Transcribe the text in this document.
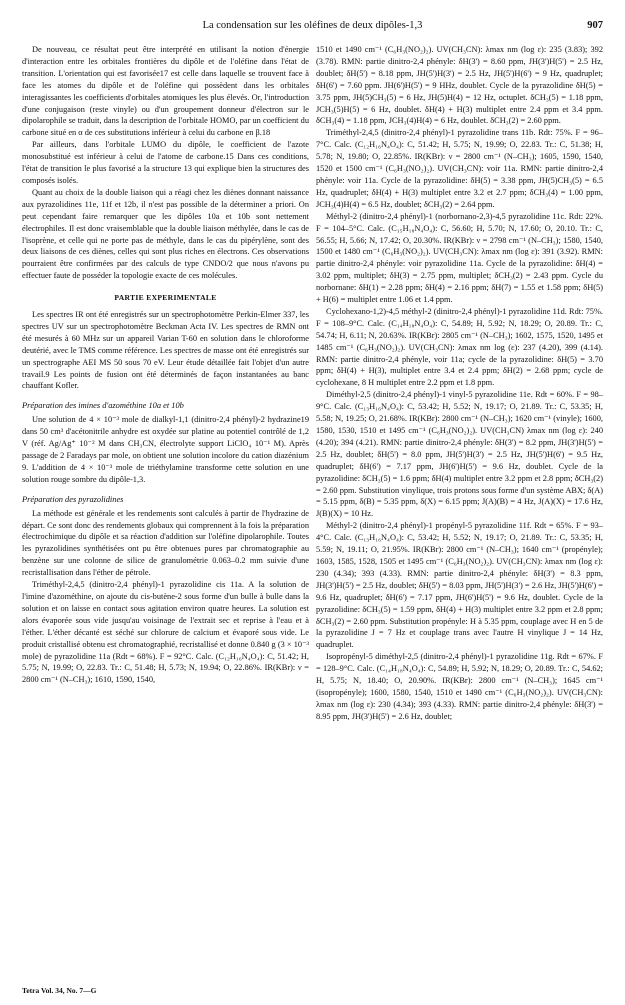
La condensation sur les oléfines de deux dipôles-1,3	907

De nouveau, ce résultat peut être interprété en utilisant la notion d'énergie d'interaction entre les orbitales frontières du dipôle et de l'oléfine dans l'état de transition. L'orientation qui est favorisée17 est celle dans laquelle se trouvent face à face les atomes du dipôle et de l'oléfine qui possèdent dans les orbitales interagissantes les coefficients d'orbitales atomiques les plus élevés. Or, l'introduction d'une conjugaison (reste vinyle) ou d'un groupement donneur d'électron sur le dipolarophile se traduit, dans la description de l'orbitale HOMO, par un coefficient du carbone situé en α de ces substitutions inférieur à celui du carbone en β.18

Par ailleurs, dans l'orbitale LUMO du dipôle, le coefficient de l'azote monosubstitué est inférieur à celui de l'atome de carbone.15 Dans ces conditions, l'état de transition le plus favorisé a la structure 13 qui explique bien la structures des composés isolés.

Quant au choix de la double liaison qui a réagi chez les diènes donnant naissance aux pyrazolidines 11e, 11f et 12b, il n'est pas possible de la déterminer a priori. On peut cependant faire remarquer que les dipôles 10a et 10b sont nettement électrophiles. Il est donc vraisemblable que la double liaison méthylée, dans le cas de l'isoprène, et celle qui ne porte pas de méthyle, dans le cas du pipérylène, sont des deux liaisons de ces diènes, celles qui sont plus riches en électrons. Ces observations pourraient être confirmées par des calculs de type CNDO/2 que nous n'avons pu effectuer faute de posséder la topologie exacte de ces molécules.

PARTIE EXPERIMENTALE

Les spectres IR ont été enregistrés sur un spectrophotomètre Perkin-Elmer 337, les spectres UV sur un spectrophotomètre Beckman Acta IV. Les spectres de RMN ont été mesurés à 60 MHz sur un appareil Varian T-60 en solution dans le chloroforme deutérié, avec le TMS comme référence. Les spectres de masse ont été enregistrés sur un spectrographe AEI MS 50 sous 70 eV. Leur étude détaillée fait l'objet d'un autre travail.9 Les points de fusion ont été déterminés de façon instantanées au banc chauffant Kofler.

Préparation des imines d'azométhine 10a et 10b

Une solution de 4 × 10⁻³ mole de dialkyl-1,1 (dinitro-2,4 phényl)-2 hydrazine19 dans 50 cm³ d'acétonitrile anhydre est oxydée sur platine au potentiel contrôlé de 1,2 V (réf. Ag/Ag⁺ 10⁻² M dans CH₃CN, électrolyte support LiClO₄ 10⁻¹ M). Après passage de 2 Faradays par mole, on obtient une solution incolore du cation diazénium 9. L'addition de 4 × 10⁻³ mole de triéthylamine transforme cette solution en une solution rouge sombre du dipôle-1,3.

Préparation des pyrazolidines

La méthode est générale et les rendements sont calculés à partir de l'hydrazine de départ. Ce sont donc des rendements globaux qui comprennent à la fois la préparation électrochimique du dipôle et sa réaction d'addition sur l'oléfine dipolarophile. Toutes les pyrazolidines synthétisées ont pu être obtenues pures par chromatographie au benzène sur une colonne de silice de granulométrie 0.063–0.2 mm suivie d'une recristallisation dans l'éther de pétrole.

Triméthyl-2,4,5 (dinitro-2,4 phényl)-1 pyrazolidine cis 11a. A la solution de l'imine d'azométhine, on ajoute du cis-butène-2 sous forme d'un bulle à bulle dans la solution et on laisse en contact sous agitation environ quatre heures. La solution est alors évaporée sous vide jusqu'au voisinage de l'extrait sec et reprise à l'eau et à l'éther. L'éther décanté est séché sur chlorure de calcium et évaporé sous vide. Le produit cristallisé obtenu est chromatographié, recristallisé et donne 0.840 g (3 × 10⁻³ mole) de pyrazolidine 11a (Rdt = 68%). F = 92°C. Calc. (C₁₂H₁₆N₄O₄): C, 51.42; H, 5.75; N, 19.99; O, 22.83. Tr.: C, 51.48; H, 5.73; N, 19.94; O, 22.86%. IR(KBr): ν = 2800 cm⁻¹ (N–CH₃); 1610, 1590, 1540,

1510 et 1490 cm⁻¹ (C₆H₃(NO₂)₂). UV(CH₃CN): λmax nm (log ε): 235 (3.83); 392 (3.78). RMN: partie dinitro-2,4 phényle: δH(3') = 8.60 ppm, JH(3')H(5') = 2.5 Hz, doublet; δH(5') = 8.18 ppm, JH(5')H(3') = 2.5 Hz, JH(5')H(6') = 9 Hz, quadruplet; δH(6') = 7.60 ppm. JH(6')H(5') = 9 HHz, doublet. Cycle de la pyrazolidine δH(5) = 3.75 ppm, JH(5)CH₃(5) = 6 Hz, JH(5)H(4) = 12 Hz, octuplet. δCH₃(5) = 1.18 ppm, JCH₃(5)H(5) = 6 Hz, doublet. δH(4) + H(3) multiplet entre 2.4 ppm et 3.4 ppm. δCH₃(4) = 1.18 ppm, JCH₃(4)H(4) = 6 Hz, doublet. δCH₃(2) = 2.60 ppm.

Triméthyl-2,4,5 (dinitro-2,4 phényl)-1 pyrazolidine trans 11b. Rdt: 75%. F = 96–7°C. Calc. (C₁₂H₁₆N₄O₄): C, 51.42; H, 5.75; N, 19.99; O, 22.83. Tr.: C, 51.38; H, 5.78; N, 19.80; O, 22.85%. IR(KBr): ν = 2800 cm⁻¹ (N–CH₃); 1605, 1590, 1540, 1520 et 1500 cm⁻¹ (C₆H₃(NO₂)₂). UV(CH₃CN): voir 11a. RMN: partie dinitro-2,4 phényle: voir 11a. Cycle de la pyrazolidine: δH(5) = 3.38 ppm, JH(5)CH₃(5) = 6.5 Hz, quadruplet; δH(4) + H(3) multiplet entre 3.2 et 2.7 ppm; δCH₃(4) = 1.00 ppm, JCH₃(4)H(4) = 6.5 Hz, doublet; δCH₃(2) = 2.64 ppm.

Méthyl-2 (dinitro-2,4 phényl)-1 (norbornano-2,3)-4,5 pyrazolidine 11c. Rdt: 22%. F = 104–5°C. Calc. (C₁₅H₁₈N₄O₄): C, 56.60; H, 5.70; N, 17.60; O, 20.10. Tr.: C, 56.55; H, 5.66; N, 17.42; O, 20.30%. IR(KBr): ν = 2798 cm⁻¹ (N–CH₃); 1580, 1540, 1500 et 1480 cm⁻¹ (C₆H₃(NO₂)₂). UV(CH₃CN): λmax nm (log ε): 391 (3.92). RMN: partie dinitro-2,4 phényle: voir pyrazolidine 11a. Cycle de la pyrazolidine: δH(4) = 3.02 ppm, multiplet; δH(3) = 2.75 ppm, multiplet; δCH₃(2) = 2.43 ppm. Cycle du norbornane: δH(1) = 2.28 ppm; δH(4) = 2.16 ppm; δH(7) = 1.55 et 1.58 ppm; δH(5) + H(6) = multiplet entre 1.06 et 1.4 ppm.

Cyclohexano-1,2)-4,5 méthyl-2 (dinitro-2,4 phényl)-1 pyrazolidine 11d. Rdt: 75%. F = 108–9°C. Calc. (C₁₄H₁₈N₄O₄): C, 54.89; H, 5.92; N, 18.29; O, 20.89. Tr.: C, 54.74; H, 6.11; N, 20.63%. IR(KBr): 2805 cm⁻¹ (N–CH₃); 1602, 1575, 1520, 1495 et 1485 cm⁻¹ (C₆H₃(NO₂)₂). UV(CH₃CN): λmax nm log (ε): 237 (4.20), 399 (4.14). RMN: partie dinitro-2,4 phényle, voir 11a; cycle de la pyrazolidine: δH(5) = 3.70 ppm; δH(4) + H(3), multiplet entre 3.4 et 2.4 ppm; δH(2) = 2.68 ppm; cycle de cyclohexane, 8 H multiplet entre 2.2 ppm et 1.8 ppm.

Diméthyl-2,5 (dinitro-2,4 phényl)-1 vinyl-5 pyrazolidine 11e. Rdt = 60%. F = 98–9°C. Calc. (C₁₃H₁₆N₄O₄): C, 53.42; H, 5.52; N, 19.17; O, 21.89. Tr.: C, 53.35; H, 5.58; N, 19.25; O, 21.68%. IR(KBr): 2800 cm⁻¹ (N–CH₃); 1620 cm⁻¹ (vinyle); 1600, 1580, 1530, 1510 et 1495 cm⁻¹ (C₆H₃(NO₂)₂). UV(CH₃CN) λmax nm (log ε): 240 (4.20); 394 (4.21). RMN: partie dinitro-2,4 phényle: δH(3') = 8.2 ppm, JH(3')H(5') = 2.5 Hz, doublet; δH(5') = 8.0 ppm, JH(5')H(3') = 2.5 Hz, JH(5')H(6') = 9.5 Hz, quadruplet; δH(6') = 7.17 ppm, JH(6')H(5') = 9.6 Hz, doublet. Cycle de la pyrazolidine: δCH₃(5) = 1.6 ppm; δH(4) multiplet entre 3.2 ppm et 2.8 ppm; δCH₃(2) = 2.60 ppm. Substitution vinylique, trois protons sous forme d'un système ABX; δ(A) = 5.15 ppm, δ(B) = 5.35 ppm, δ(X) = 6.15 ppm; J(A)(B) = 4 Hz, J(A)(X) = 17.6 Hz, J(B)(X) = 10 Hz.

Méthyl-2 (dinitro-2,4 phényl)-1 propényl-5 pyrazolidine 11f. Rdt = 65%. F = 93–4°C. Calc. (C₁₃H₁₆N₄O₄): C, 53.42; H, 5.52; N, 19.17; O, 21.89. Tr.: C, 53.35; H, 5.59; N, 19.11; O, 21.95%. IR(KBr): 2800 cm⁻¹ (N–CH₃); 1640 cm⁻¹ (propényle); 1603, 1585, 1528, 1505 et 1495 cm⁻¹ (C₆H₃(NO₂)₂). UV(CH₃CN): λmax nm (log ε): 230 (4.34); 393 (4.33). RMN: partie dinitro-2,4 phényle: δH(3') = 8.3 ppm, JH(3')H(5') = 2.5 Hz, doublet; δH(5') = 8.03 ppm, JH(5')H(3') = 2.6 Hz, JH(5')H(6') = 9.6 Hz, quadruplet; δH(6') = 7.17 ppm, JH(6')H(5') = 9.6 Hz, doublet. Cycle de la pyrazolidine: δCH₃(5) = 1.59 ppm, δH(4) + H(3) multiplet entre 3.2 ppm et 2.8 ppm; δCH₃(2) = 2.60 ppm. Substitution propényle: H à 5.35 ppm, couplage avec H en 5 de la pyrazolidine J = 7 Hz et couplage trans avec l'autre H vinylique J = 14 Hz, quadruplet.

Isopropényl-5 diméthyl-2,5 (dinitro-2,4 phényl)-1 pyrazolidine 11g. Rdt = 67%. F = 128–9°C. Calc. (C₁₄H₁₈N₄O₄): C, 54.89; H, 5.92; N, 18.29; O, 20.89. Tr.: C, 54.62; H, 5.75; N, 18.40; O, 20.90%. IR(KBr): 2800 cm⁻¹ (N–CH₃); 1645 cm⁻¹ (isopropényle); 1600, 1580, 1540, 1510 et 1490 cm⁻¹ (C₆H₃(NO₂)₂). UV(CH₃CN): λmax nm (log ε): 230 (4.34); 393 (4.33). RMN: partie dinitro-2,4 phényle: δH(3') = 8.95 ppm, JH(3')H(5') = 2.6 Hz, doublet;

Tetra Vol. 34, No. 7—G
